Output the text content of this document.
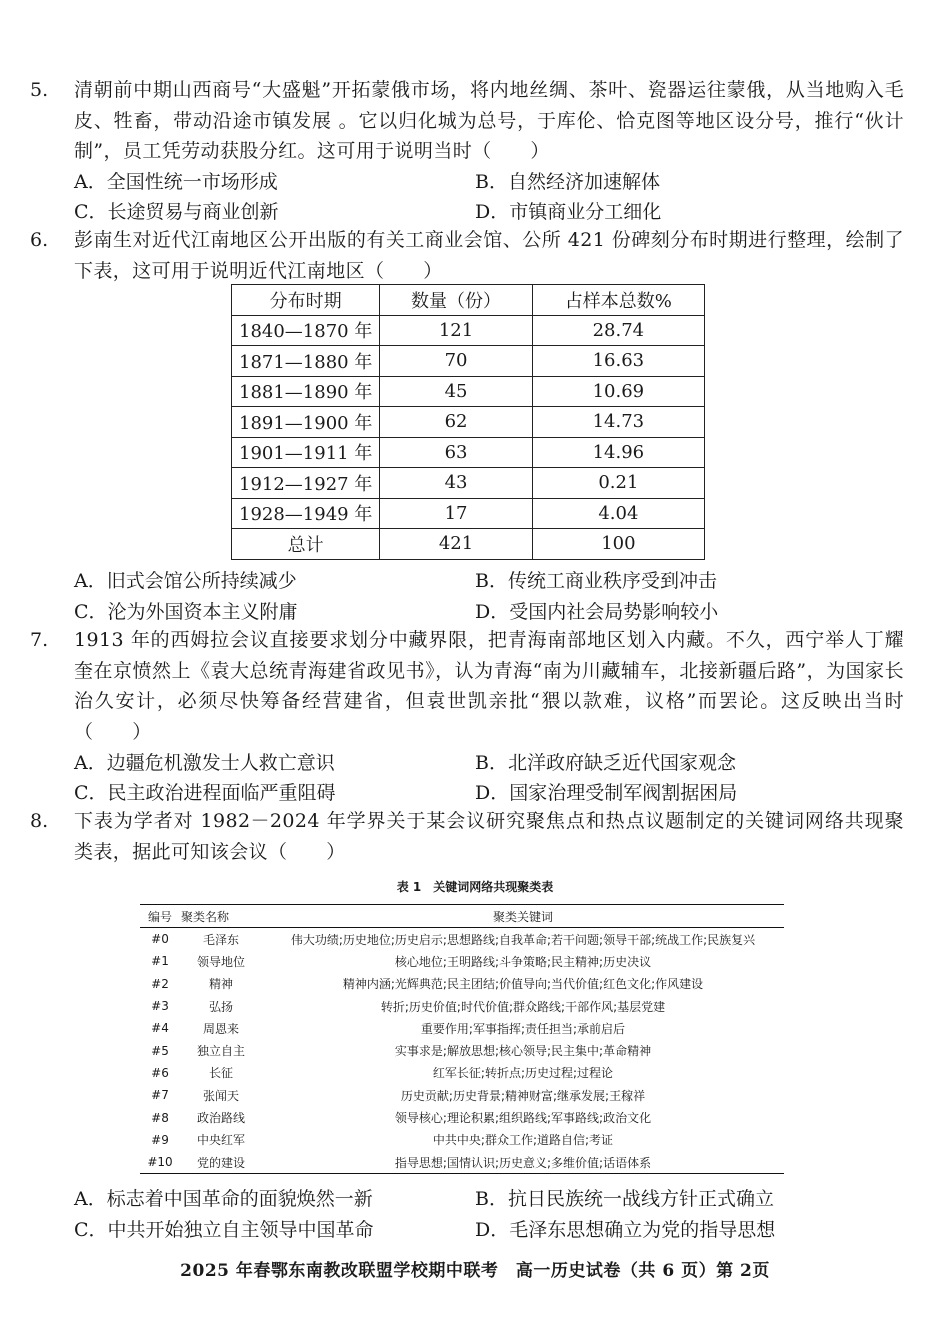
5. 清朝前中期山西商号“大盛魁”开拓蒙俄市场，将内地丝绸、茶叶、瓷器运往蒙俄，从当地购入毛皮、牲畜，带动沿途市镇发展 。它以归化城为总号，于库伦、恰克图等地区设分号，推行“伙计制”，员工凭劳动获股分红。这可用于说明当时（　　）
A．全国性统一市场形成	B．自然经济加速解体
C．长途贸易与商业创新	D．市镇商业分工细化
6. 彭南生对近代江南地区公开出版的有关工商业会馆、公所 421 份碑刻分布时期进行整理，绘制了下表，这可用于说明近代江南地区（　　）
分布时期	数量（份）	占样本总数%
1840—1870 年	121	28.74
1871—1880 年	70	16.63
1881—1890 年	45	10.69
1891—1900 年	62	14.73
1901—1911 年	63	14.96
1912—1927 年	43	0.21
1928—1949 年	17	4.04
总计	421	100
A．旧式会馆公所持续减少	B．传统工商业秩序受到冲击
C．沦为外国资本主义附庸	D．受国内社会局势影响较小
7. 1913 年的西姆拉会议直接要求划分中藏界限，把青海南部地区划入内藏。不久，西宁举人丁耀奎在京愤然上《袁大总统青海建省政见书》，认为青海“南为川藏辅车，北接新疆后路”，为国家长治久安计，必须尽快筹备经营建省，但袁世凯亲批“猥以款难，议格”而罢论。这反映出当时（　　）
A．边疆危机激发士人救亡意识	B．北洋政府缺乏近代国家观念
C．民主政治进程面临严重阻碍	D．国家治理受制军阀割据困局
8. 下表为学者对 1982－2024 年学界关于某会议研究聚焦点和热点议题制定的关键词网络共现聚类表，据此可知该会议（　　）
表 1　关键词网络共现聚类表
编号	聚类名称	聚类关键词
#0	毛泽东	伟大功绩;历史地位;历史启示;思想路线;自我革命;若干问题;领导干部;统战工作;民族复兴
#1	领导地位	核心地位;王明路线;斗争策略;民主精神;历史决议
#2	精神	精神内涵;光辉典范;民主团结;价值导向;当代价值;红色文化;作风建设
#3	弘扬	转折;历史价值;时代价值;群众路线;干部作风;基层党建
#4	周恩来	重要作用;军事指挥;责任担当;承前启后
#5	独立自主	实事求是;解放思想;核心领导;民主集中;革命精神
#6	长征	红军长征;转折点;历史过程;过程论
#7	张闻天	历史贡献;历史背景;精神财富;继承发展;王稼祥
#8	政治路线	领导核心;理论积累;组织路线;军事路线;政治文化
#9	中央红军	中共中央;群众工作;道路自信;考证
#10	党的建设	指导思想;国情认识;历史意义;多维价值;话语体系
A．标志着中国革命的面貌焕然一新	B．抗日民族统一战线方针正式确立
C．中共开始独立自主领导中国革命	D．毛泽东思想确立为党的指导思想
2025 年春鄂东南教改联盟学校期中联考　高一历史试卷（共 6 页）第 2页
